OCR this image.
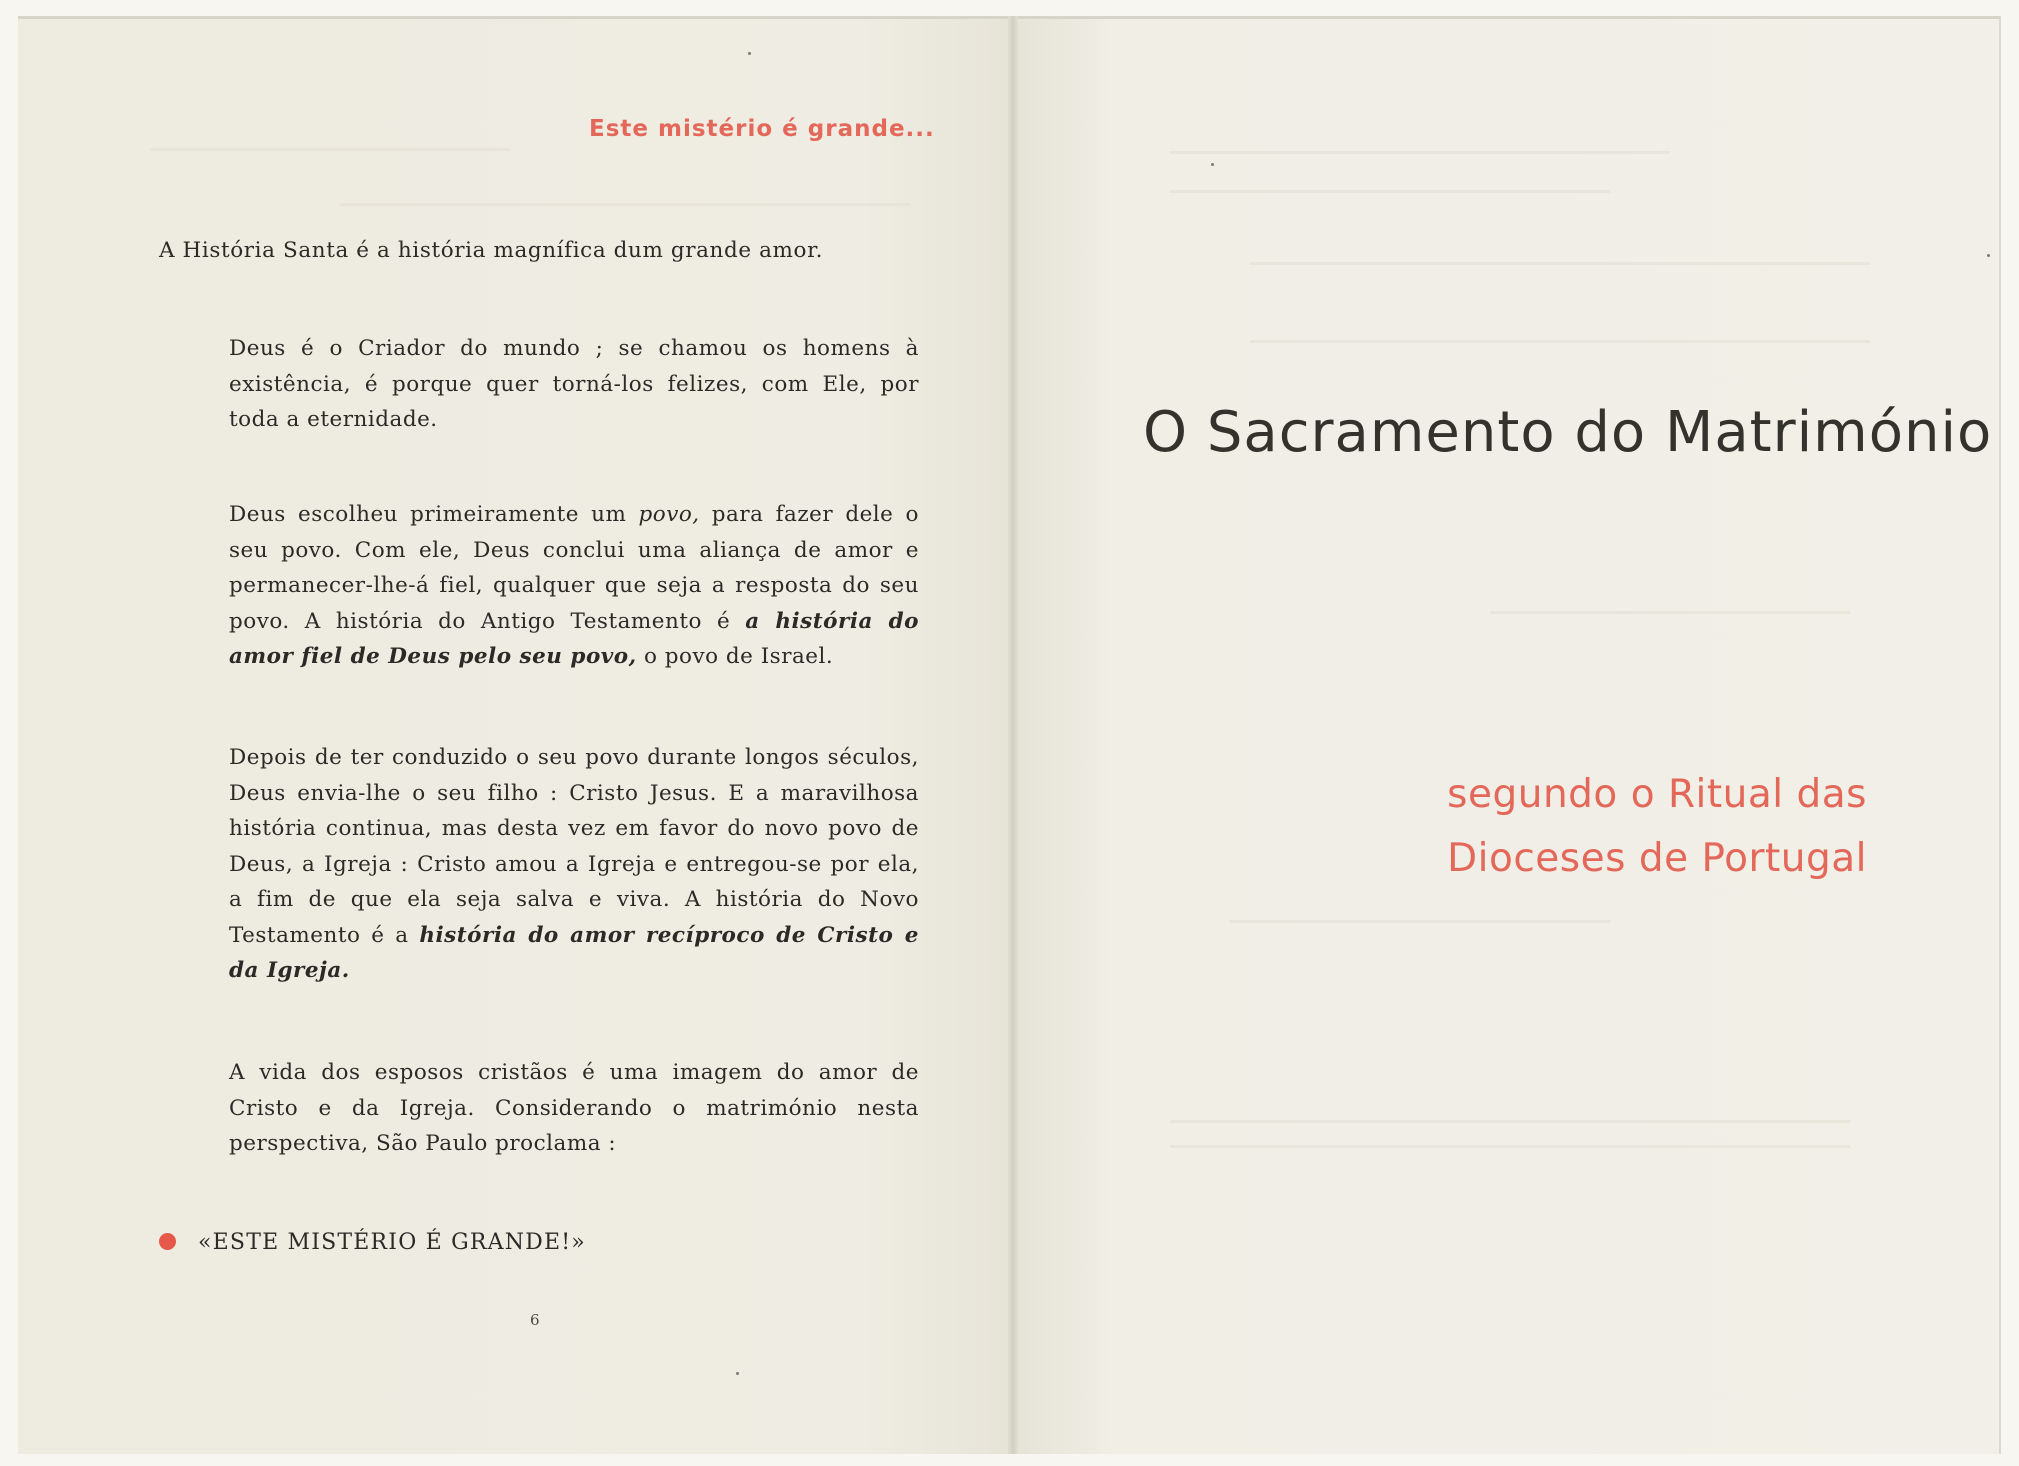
Este mistério é grande...
A História Santa é a história magnífica dum grande amor.
Deus é o Criador do mundo ; se chamou os homens à existência, é porque quer torná-los felizes, com Ele, por toda a eternidade.
Deus escolheu primeiramente um povo, para fazer dele o seu povo. Com ele, Deus conclui uma aliança de amor e permanecer-lhe-á fiel, qualquer que seja a resposta do seu povo. A história do Antigo Testamento é a história do amor fiel de Deus pelo seu povo, o povo de Israel.
Depois de ter conduzido o seu povo durante longos séculos, Deus envia-lhe o seu filho : Cristo Jesus. E a maravilhosa história continua, mas desta vez em favor do novo povo de Deus, a Igreja : Cristo amou a Igreja e entregou-se por ela, a fim de que ela seja salva e viva. A história do Novo Testamento é a história do amor recíproco de Cristo e da Igreja.
A vida dos esposos cristãos é uma imagem do amor de Cristo e da Igreja. Considerando o matrimónio nesta perspectiva, São Paulo proclama :
«ESTE MISTÉRIO É GRANDE!»
6
O Sacramento do Matrimónio
segundo o Ritual das
Dioceses de Portugal
